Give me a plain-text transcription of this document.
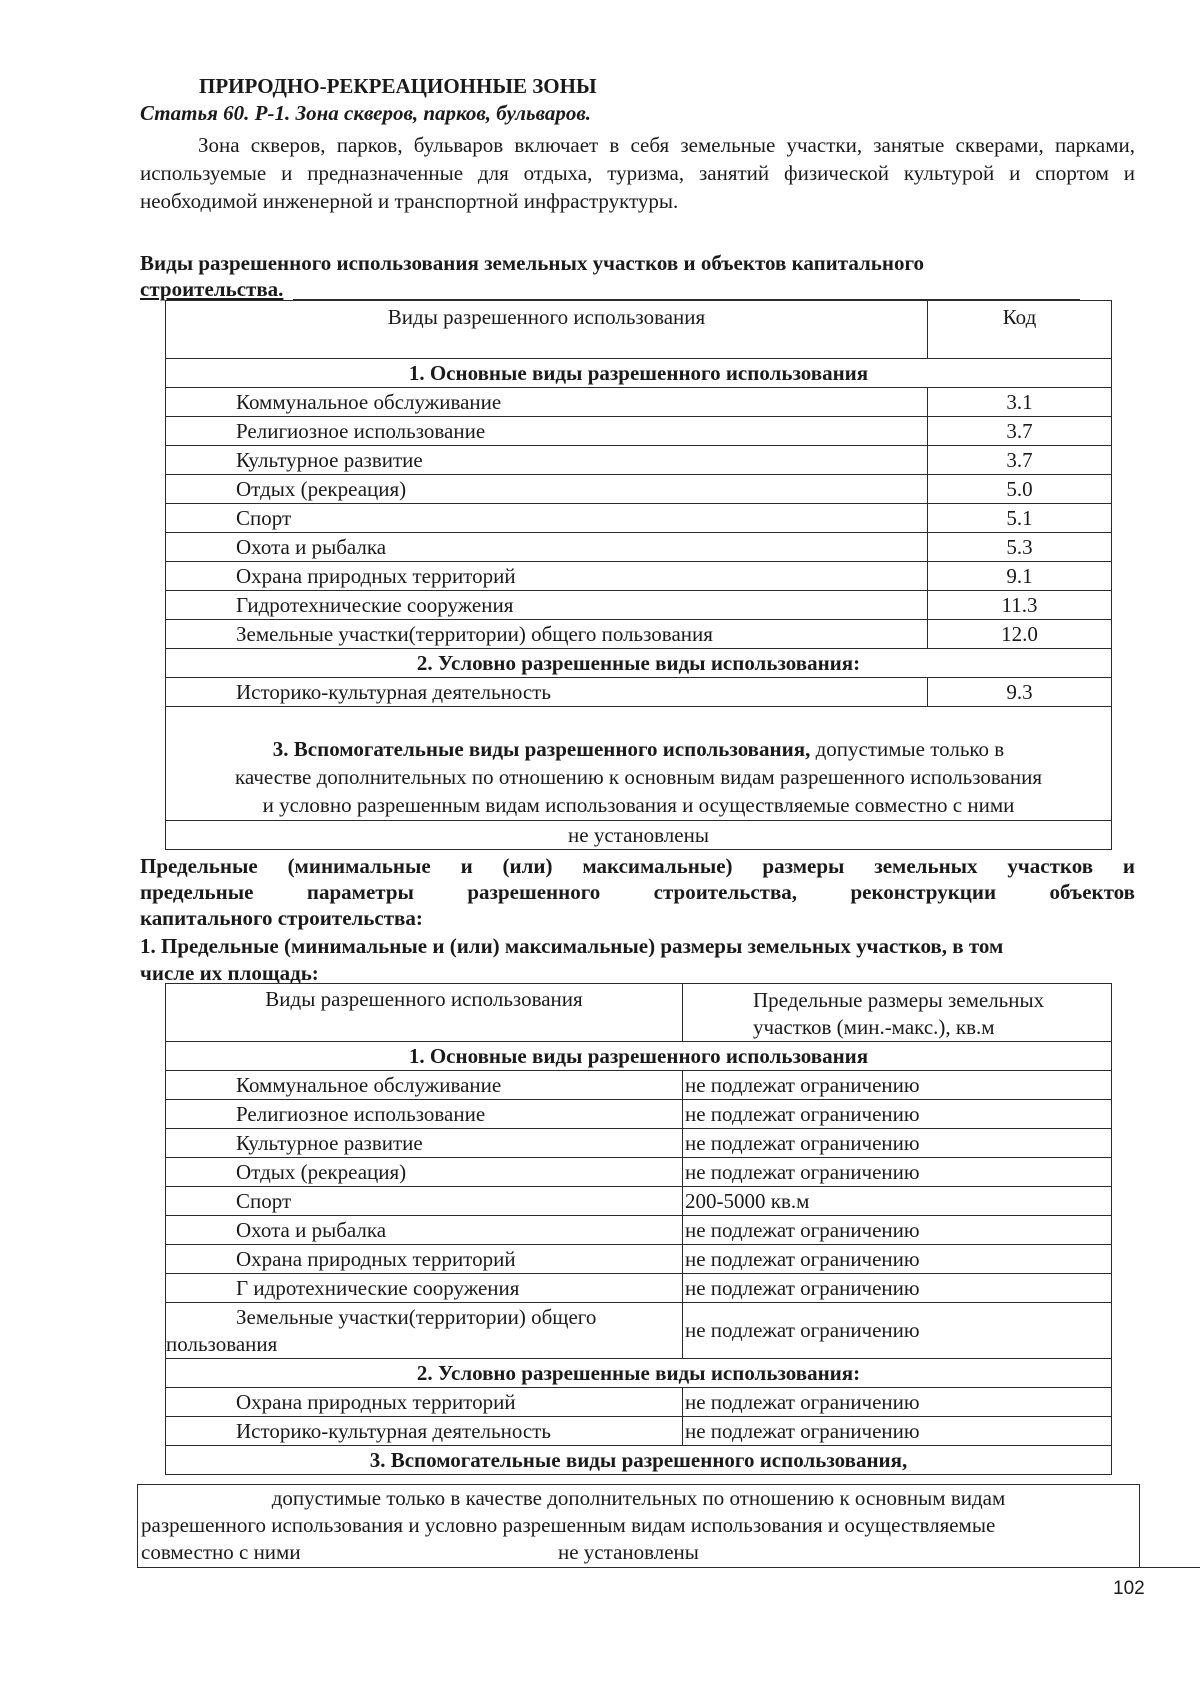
ПРИРОДНО-РЕКРЕАЦИОННЫЕ ЗОНЫ
Статья 60. Р-1. Зона скверов, парков, бульваров.
Зона скверов, парков, бульваров включает в себя земельные участки, занятые скверами, парками, используемые и предназначенные для отдыха, туризма, занятий физической культурой и спортом и необходимой инженерной и транспортной инфраструктуры.
Виды разрешенного использования земельных участков и объектов капитального
строительства.
Виды разрешенного использования	Код
1. Основные виды разрешенного использования	
Коммунальное обслуживание	3.1
Религиозное использование	3.7
Культурное развитие	3.7
Отдых (рекреация)	5.0
Спорт	5.1
Охота и рыбалка	5.3
Охрана природных территорий	9.1
Гидротехнические сооружения	11.3
Земельные участки(территории) общего пользования	12.0
2. Условно разрешенные виды использования:	
Историко-культурная деятельность	9.3
3. Вспомогательные виды разрешенного использования, допустимые только в
качестве дополнительных по отношению к основным видам разрешенного использования
и условно разрешенным видам использования и осуществляемые совместно с ними	
не установлены	
Предельные (минимальные и (или) максимальные) размеры земельных участков и
предельные параметры разрешенного строительства, реконструкции объектов
капитального строительства:
1. Предельные (минимальные и (или) максимальные) размеры земельных участков, в том
числе их площадь:
Виды разрешенного использования	Предельные размеры земельных
участков (мин.-макс.), кв.м
1. Основные виды разрешенного использования	
Коммунальное обслуживание	не подлежат ограничению
Религиозное использование	не подлежат ограничению
Культурное развитие	не подлежат ограничению
Отдых (рекреация)	не подлежат ограничению
Спорт	200-5000 кв.м
Охота и рыбалка	не подлежат ограничению
Охрана природных территорий	не подлежат ограничению
Г идротехнические сооружения	не подлежат ограничению
Земельные участки(территории) общего
пользования	не подлежат ограничению
2. Условно разрешенные виды использования:	
Охрана природных территорий	не подлежат ограничению
Историко-культурная деятельность	не подлежат ограничению
3. Вспомогательные виды разрешенного использования,	
допустимые только в качестве дополнительных по отношению к основным видам
разрешенного использования и условно разрешенным видам использования и осуществляемые
совместно с ними	не установлены
102
